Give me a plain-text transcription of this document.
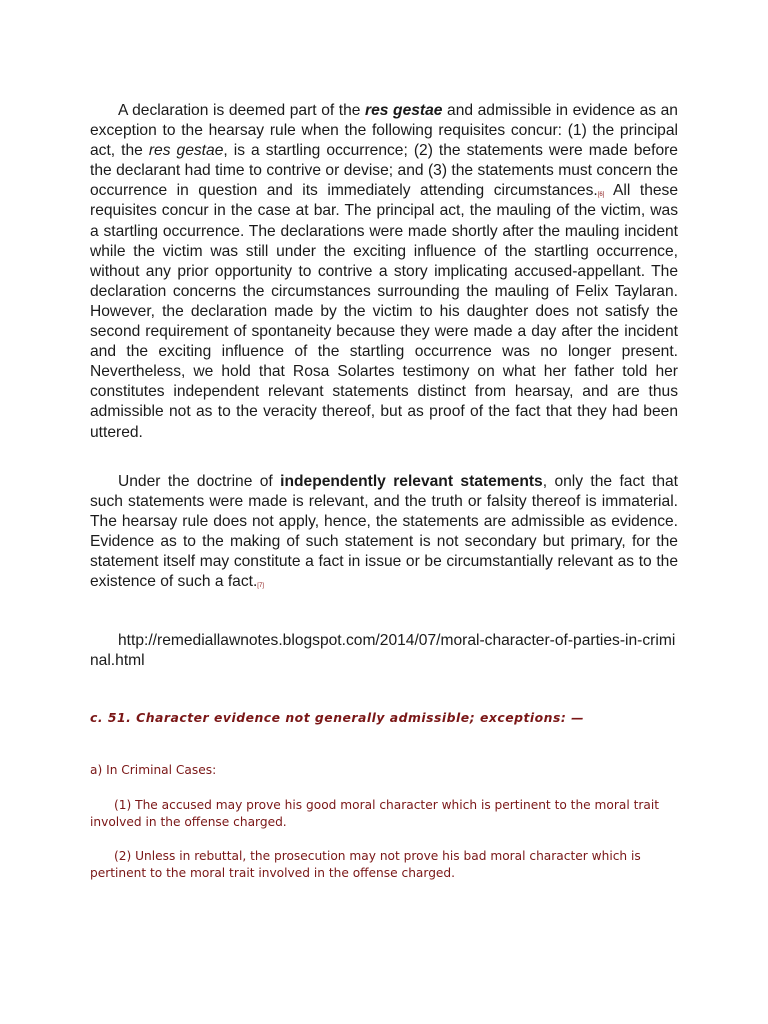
A declaration is deemed part of the res gestae and admissible in evidence as an exception to the hearsay rule when the following requisites concur: (1) the principal act, the res gestae, is a startling occurrence; (2) the statements were made before the declarant had time to contrive or devise; and (3) the statements must concern the occurrence in question and its immediately attending circumstances.[6] All these requisites concur in the case at bar. The principal act, the mauling of the victim, was a startling occurrence. The declarations were made shortly after the mauling incident while the victim was still under the exciting influence of the startling occurrence, without any prior opportunity to contrive a story implicating accused-appellant. The declaration concerns the circumstances surrounding the mauling of Felix Taylaran. However, the declaration made by the victim to his daughter does not satisfy the second requirement of spontaneity because they were made a day after the incident and the exciting influence of the startling occurrence was no longer present. Nevertheless, we hold that Rosa Solartes testimony on what her father told her constitutes independent relevant statements distinct from hearsay, and are thus admissible not as to the veracity thereof, but as proof of the fact that they had been uttered.

Under the doctrine of independently relevant statements, only the fact that such statements were made is relevant, and the truth or falsity thereof is immaterial. The hearsay rule does not apply, hence, the statements are admissible as evidence. Evidence as to the making of such statement is not secondary but primary, for the statement itself may constitute a fact in issue or be circumstantially relevant as to the existence of such a fact.[7]

http://remediallawnotes.blogspot.com/2014/07/moral-character-of-parties-in-criminal.html

c. 51. Character evidence not generally admissible; exceptions: —

a) In Criminal Cases:

(1) The accused may prove his good moral character which is pertinent to the moral trait involved in the offense charged.

(2) Unless in rebuttal, the prosecution may not prove his bad moral character which is pertinent to the moral trait involved in the offense charged.
